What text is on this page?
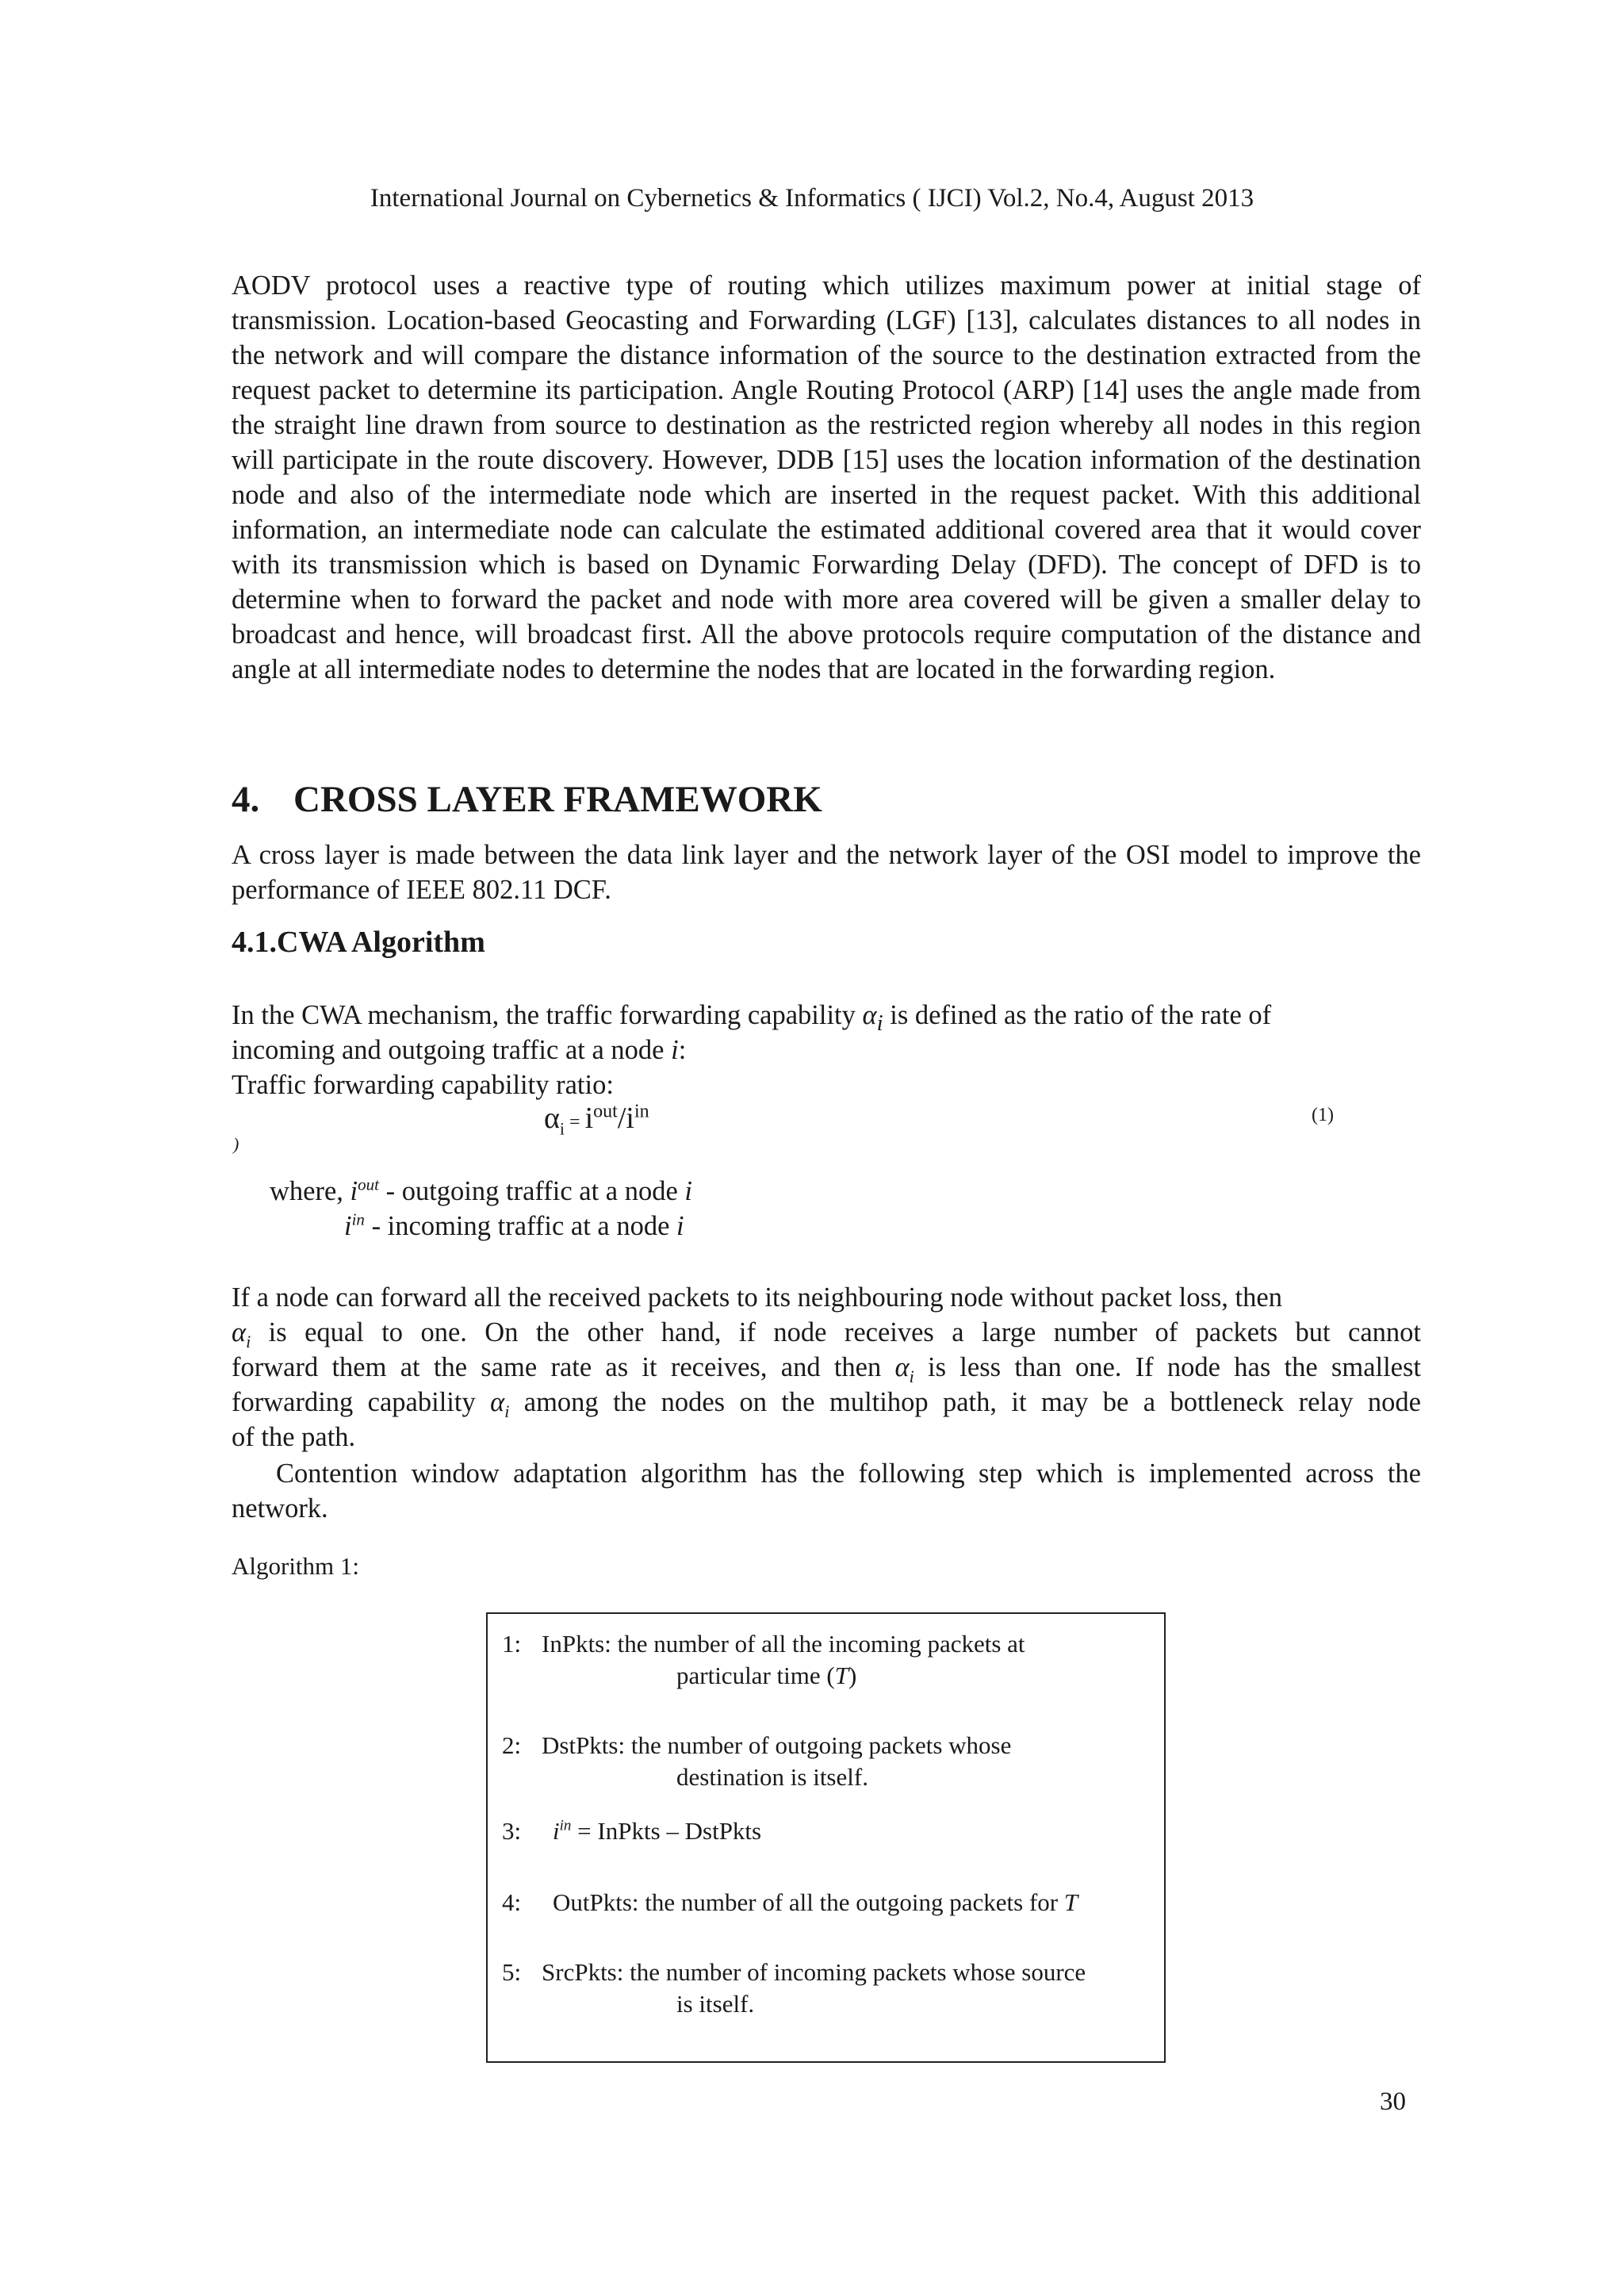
International Journal on Cybernetics & Informatics ( IJCI) Vol.2, No.4, August 2013

AODV protocol uses a reactive type of routing which utilizes maximum power at initial stage of transmission. Location-based Geocasting and Forwarding (LGF) [13], calculates distances to all nodes in the network and will compare the distance information of the source to the destination extracted from the request packet to determine its participation. Angle Routing Protocol (ARP) [14] uses the angle made from the straight line drawn from source to destination as the restricted region whereby all nodes in this region will participate in the route discovery. However, DDB [15] uses the location information of the destination node and also of the intermediate node which are inserted in the request packet. With this additional information, an intermediate node can calculate the estimated additional covered area that it would cover with its transmission which is based on Dynamic Forwarding Delay (DFD). The concept of DFD is to determine when to forward the packet and node with more area covered will be given a smaller delay to broadcast and hence, will broadcast first. All the above protocols require computation of the distance and angle at all intermediate nodes to determine the nodes that are located in the forwarding region.

4. CROSS LAYER FRAMEWORK

A cross layer is made between the data link layer and the network layer of the OSI model to improve the performance of IEEE 802.11 DCF.

4.1.CWA Algorithm
In the CWA mechanism, the traffic forwarding capability $\alpha_i$ is defined as the ratio of the rate of
incoming and outgoing traffic at a node i:
Traffic forwarding capability ratio:
$\alpha_i = i^{out}/i^{in}$	(1)
)
where, $i^{out}$ - outgoing traffic at a node i
$i^{in}$ - incoming traffic at a node i
If a node can forward all the received packets to its neighbouring node without packet loss, then
$\alpha_i$ is equal to one. On the other hand, if node receives a large number of packets but cannot
forward them at the same rate as it receives, and then $\alpha_i$ is less than one. If node has the smallest
forwarding capability $\alpha_i$ among the nodes on the multihop path, it may be a bottleneck relay node
of the path.

Contention window adaptation algorithm has the following step which is implemented across the network.

Algorithm 1:
1: InPkts: the number of all the incoming packets at
particular time (T)
2: DstPkts: the number of outgoing packets whose
destination is itself.
3: $i^{in}$ = InPkts – DstPkts
4: OutPkts: the number of all the outgoing packets for T
5: SrcPkts: the number of incoming packets whose source
is itself.
30
